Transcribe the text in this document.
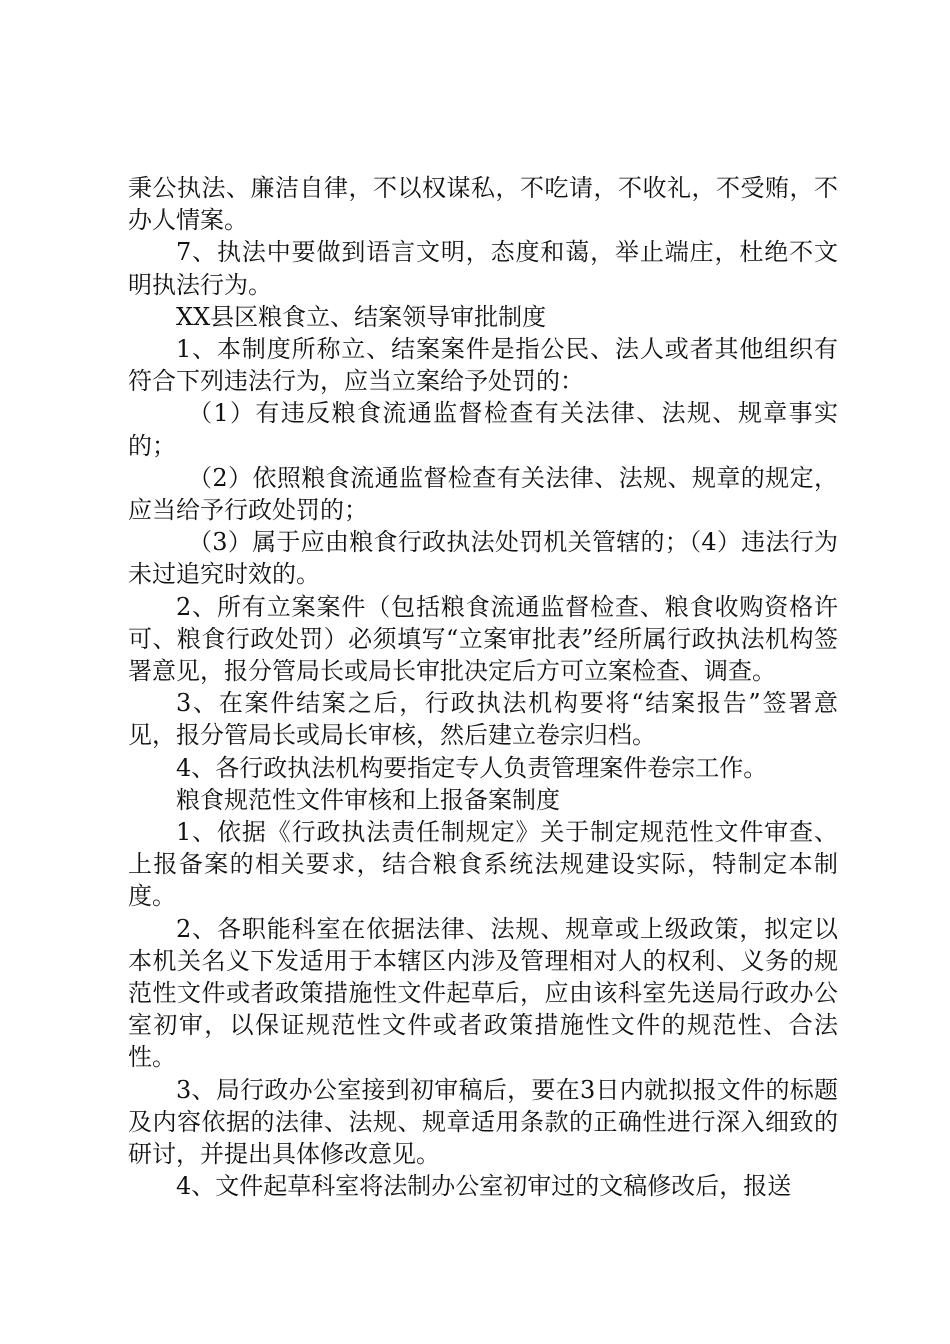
秉公执法、廉洁自律，不以权谋私，不吃请，不收礼，不受贿，不办人情案。

7、执法中要做到语言文明，态度和蔼，举止端庄，杜绝不文明执法行为。

XX县区粮食立、结案领导审批制度

1、本制度所称立、结案案件是指公民、法人或者其他组织有符合下列违法行为，应当立案给予处罚的：

（1）有违反粮食流通监督检查有关法律、法规、规章事实的；

（2）依照粮食流通监督检查有关法律、法规、规章的规定，应当给予行政处罚的；

（3）属于应由粮食行政执法处罚机关管辖的；（4）违法行为未过追究时效的。

2、所有立案案件（包括粮食流通监督检查、粮食收购资格许可、粮食行政处罚）必须填写“立案审批表”经所属行政执法机构签署意见，报分管局长或局长审批决定后方可立案检查、调查。

3、在案件结案之后，行政执法机构要将“结案报告”签署意见，报分管局长或局长审核，然后建立卷宗归档。

4、各行政执法机构要指定专人负责管理案件卷宗工作。

粮食规范性文件审核和上报备案制度

1、依据《行政执法责任制规定》关于制定规范性文件审查、上报备案的相关要求，结合粮食系统法规建设实际，特制定本制度。

2、各职能科室在依据法律、法规、规章或上级政策，拟定以本机关名义下发适用于本辖区内涉及管理相对人的权利、义务的规范性文件或者政策措施性文件起草后，应由该科室先送局行政办公室初审，以保证规范性文件或者政策措施性文件的规范性、合法性。

3、局行政办公室接到初审稿后，要在3日内就拟报文件的标题及内容依据的法律、法规、规章适用条款的正确性进行深入细致的研讨，并提出具体修改意见。

4、文件起草科室将法制办公室初审过的文稿修改后，报送
